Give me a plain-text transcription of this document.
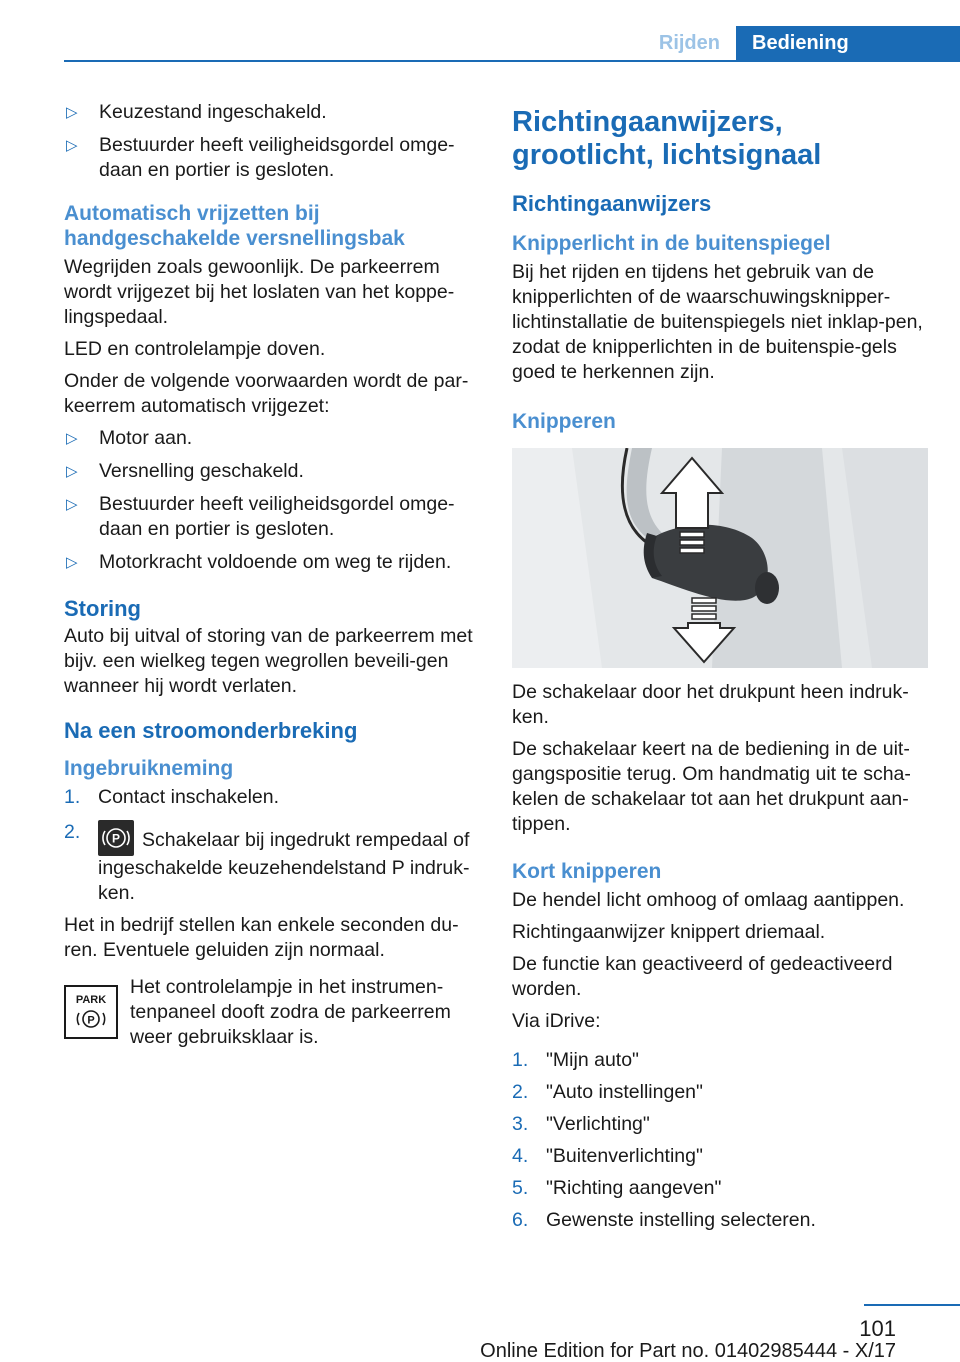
Rijden	Bediening
▷	Keuzestand ingeschakeld.
▷	Bestuurder heeft veiligheidsgordel omge- daan en portier is gesloten.
Automatisch vrijzetten bij handgeschakelde versnellingsbak
Wegrijden zoals gewoonlijk. De parkeerrem wordt vrijgezet bij het loslaten van het koppe-lingspedaal.
LED en controlelampje doven.
Onder de volgende voorwaarden wordt de par-keerrem automatisch vrijgezet:
▷	Motor aan.
▷	Versnelling geschakeld.
▷	Bestuurder heeft veiligheidsgordel omge-daan en portier is gesloten.
▷	Motorkracht voldoende om weg te rijden.
Storing
Auto bij uitval of storing van de parkeerrem met bijv. een wielkeg tegen wegrollen beveili-gen wanneer hij wordt verlaten.
Na een stroomonderbreking
Ingebruikneming
1. Contact inschakelen.
2.	P Schakelaar bij ingedrukt rempedaal of ingeschakelde keuzehendelstand P indruk-ken.
Het in bedrijf stellen kan enkele seconden du-ren. Eventuele geluiden zijn normaal.
PARK
P
Het controlelampje in het instrumen-tenpaneel dooft zodra de parkeerrem weer gebruiksklaar is.
Richtingaanwijzers, grootlicht, lichtsignaal
Richtingaanwijzers
Knipperlicht in de buitenspiegel
Bij het rijden en tijdens het gebruik van de knipperlichten of de waarschuwingsknipper-lichtinstallatie de buitenspiegels niet inklap-pen, zodat de knipperlichten in de buitenspie-gels goed te herkennen zijn.
Knipperen
De schakelaar door het drukpunt heen indruk-ken.
De schakelaar keert na de bediening in de uit-gangspositie terug. Om handmatig uit te scha-kelen de schakelaar tot aan het drukpunt aan-tippen.
Kort knipperen
De hendel licht omhoog of omlaag aantippen.
Richtingaanwijzer knippert driemaal.
De functie kan geactiveerd of gedeactiveerd worden.
Via iDrive:
1. "Mijn auto"
2. "Auto instellingen"
3. "Verlichting"
4. "Buitenverlichting"
5. "Richting aangeven"
6. Gewenste instelling selecteren.
101
Online Edition for Part no. 01402985444 - X/17
